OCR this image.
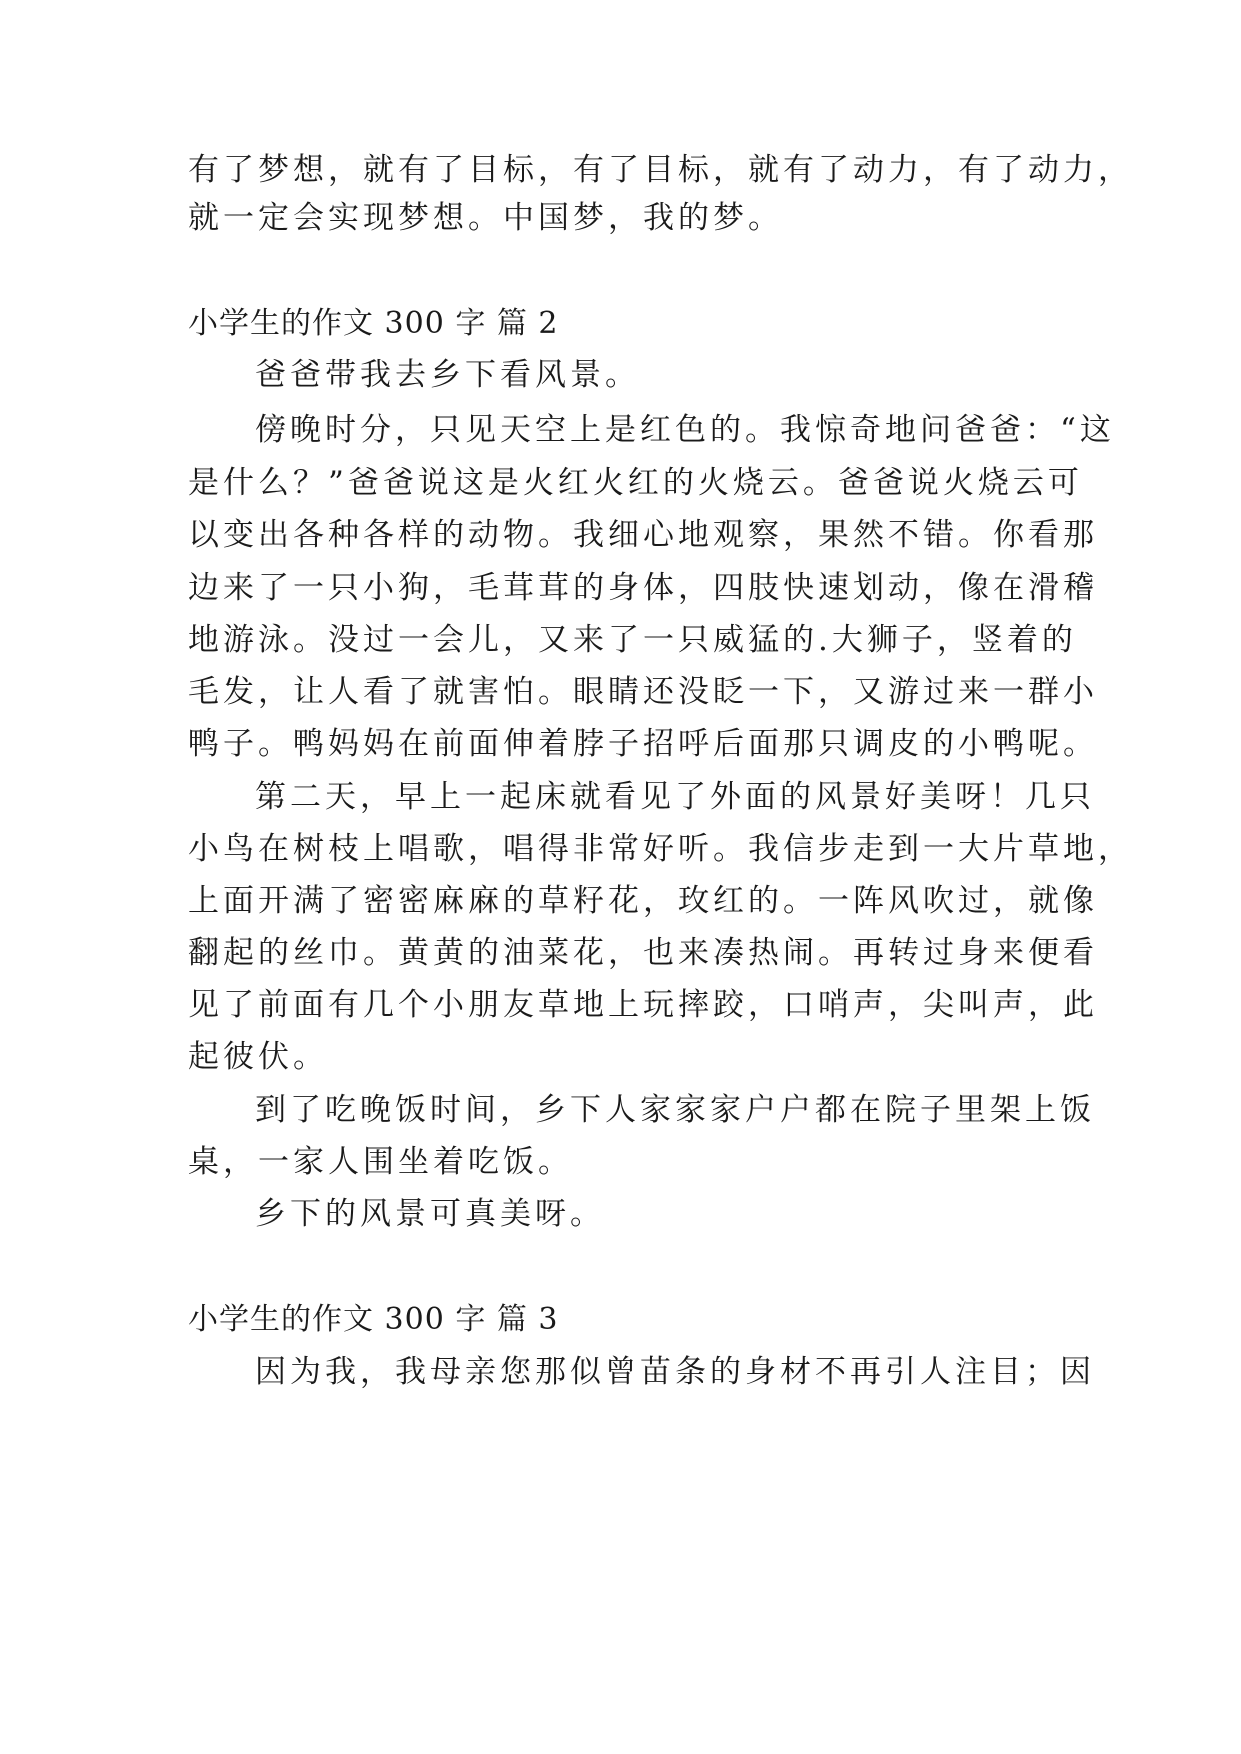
有了梦想，就有了目标，有了目标，就有了动力，有了动力，
就一定会实现梦想。中国梦，我的梦。
小学生的作文 300 字 篇 2
爸爸带我去乡下看风景。
傍晚时分，只见天空上是红色的。我惊奇地问爸爸：“这
是什么？”爸爸说这是火红火红的火烧云。爸爸说火烧云可
以变出各种各样的动物。我细心地观察，果然不错。你看那
边来了一只小狗，毛茸茸的身体，四肢快速划动，像在滑稽
地游泳。没过一会儿，又来了一只威猛的.大狮子，竖着的
毛发，让人看了就害怕。眼睛还没眨一下，又游过来一群小
鸭子。鸭妈妈在前面伸着脖子招呼后面那只调皮的小鸭呢。
第二天，早上一起床就看见了外面的风景好美呀！几只
小鸟在树枝上唱歌，唱得非常好听。我信步走到一大片草地，
上面开满了密密麻麻的草籽花，玫红的。一阵风吹过，就像
翻起的丝巾。黄黄的油菜花，也来凑热闹。再转过身来便看
见了前面有几个小朋友草地上玩摔跤，口哨声，尖叫声，此
起彼伏。
到了吃晚饭时间，乡下人家家家户户都在院子里架上饭
桌，一家人围坐着吃饭。
乡下的风景可真美呀。
小学生的作文 300 字 篇 3
因为我，我母亲您那似曾苗条的身材不再引人注目；因
